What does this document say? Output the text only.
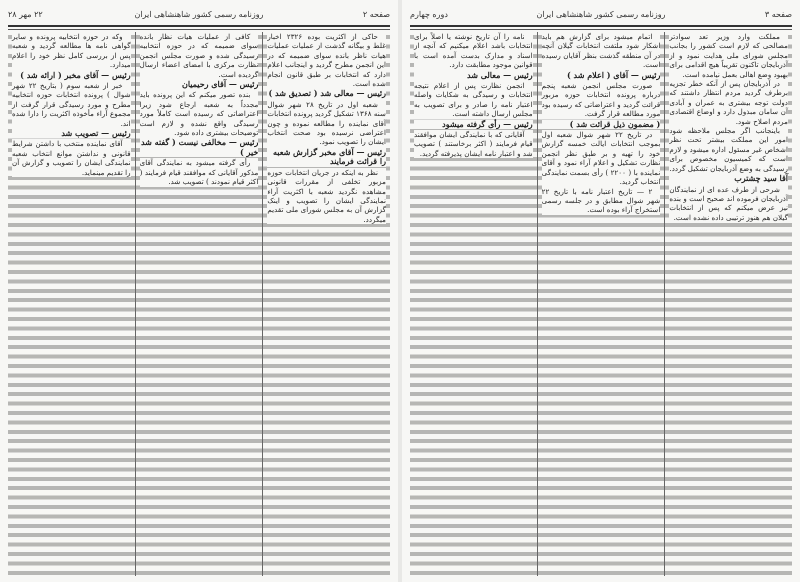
صفحه ۲
روزنامه رسمی کشور شاهنشاهی ایران
۲۲ مهر ۲۸

حاکی از اکثریت بوده ۲۳۲۶ اخبار غلط و بیگانه گذشت از عملیات عملیات هیات ناظر بانده سوای ضمیمه که در این انجمن مطرح گردید و اینجانب اعلام دارد که انتخابات بر طبق قانون انجام شده است.

رئیس — معالی شد ( تصدیق شد )

شعبه اول در تاریخ ۲۸ شهر شوال سنه ۱۳۶۸ تشکیل گردید پرونده انتخابات آقای نماینده را مطالعه نموده و چون اعتراضی نرسیده بود صحت انتخاب ایشان را تصویب نمود.

رئیس — آقای مخبر گزارش شعبه را قرائت فرمایند

نظر به اینکه در جریان انتخابات حوزه مزبور تخلفی از مقررات قانونی مشاهده نگردید شعبه با اکثریت آراء نمایندگی ایشان را تصویب و اینک گزارش آن به مجلس شورای ملی تقدیم میگردد.

کافی از عملیات هیات نظار بانده سوای ضمیمه که در حوزه انتخابیه رسیدگی شده و صورت مجلس انجمن نظارت مرکزی با امضای اعضاء ارسال گردیده است.

رئیس — آقای رحیمیان

بنده تصور میکنم که این پرونده باید مجدداً به شعبه ارجاع شود زیرا اعتراضاتی که رسیده است کاملاً مورد رسیدگی واقع نشده و لازم است توضیحات بیشتری داده شود.

رئیس — مخالفی نیست ( گفته شد خیر )

رأی گرفته میشود به نمایندگی آقای مذکور آقایانی که موافقند قیام فرمایند ( اکثر قیام نمودند ) تصویب شد.

وکه در حوزه انتخابیه پرونده و سایر گواهی نامه ها مطالعه گردید و شعبه پس از بررسی کامل نظر خود را اعلام میدارد.

رئیس — آقای مخبر ( ارائه شد )

خبر از شعبه سوم ( بتاریخ ۲۲ شهر شوال ) پرونده انتخابات حوزه انتخابیه مطرح و مورد رسیدگی قرار گرفت از مجموع آراء مأخوذه اکثریت را دارا شده اند.

رئیس — تصویب شد

آقای نماینده منتخب با داشتن شرایط قانونی و نداشتن موانع انتخاب شعبه نمایندگی ایشان را تصویب و گزارش آن را تقدیم مینماید.

صفحه ۳
روزنامه رسمی کشور شاهنشاهی ایران
دوره چهارم

مملکت وارد وزیر تعد سوادتر مصالحی که لازم است کشور را بجانب مجلس شورای ملی هدایت نمود و از آذربایجان تاکنون تقریباً هیچ اقدامی برای بهبود وضع اهالی بعمل نیامده است.

در آذربایجان پس از آنکه خطر تجزیه برطرف گردید مردم انتظار داشتند که دولت توجه بیشتری به عمران و آبادی آن سامان مبذول دارد و اوضاع اقتصادی مردم اصلاح شود.

باینجانب اگر مجلس ملاحظه شود امور این مملکت بیشتر تحت نظر اشخاص غیر مسئول اداره میشود و لازم است که کمیسیون مخصوص برای رسیدگی به وضع آذربایجان تشکیل گردد.

آقا سید چشترب

شرحی از طرف عده ای از نمایندگان آذربایجان فرموده اند صحیح است و بنده نیز عرض میکنم که پس از انتخابات گیلان هم هنوز ترتیبی داده نشده است.

اتمام میشود برای گزارش هم باید اشکار شود ملتفت انتخابات گیلان آنچه در آن منطقه گذشت بنظر آقایان رسیده است.

رئیس — آقای ( اعلام شد )

صورت مجلس انجمن شعبه پنجم درباره پرونده انتخابات حوزه مزبور قرائت گردید و اعتراضاتی که رسیده بود مورد مطالعه قرار گرفت.

( مضمون ذیل قرائت شد )

در تاریخ ۲۲ شهر شوال شعبه اول بموجب انتخابات ایالت خمسه گزارش خود را تهیه و بر طبق نظر انجمن نظارت تشکیل و اعلام آراء نمود و آقای نماینده با ( ۲۲۰۰ ) رأی بسمت نمایندگی انتخاب گردید.

۲ — تاریخ اعتبار نامه با تاریخ ۲۲ شهر شوال مطابق و در جلسه رسمی استخراج آراء بوده است.

نامه را آن تاریخ نوشته یا اصلاً برای انتخابات باشد اعلام میکنیم که آنچه از اسناد و مدارک بدست آمده است با قوانین موجود مطابقت دارد.

رئیس — معالی شد

انجمن نظارت پس از اعلام نتیجه انتخابات و رسیدگی به شکایات واصله اعتبار نامه را صادر و برای تصویب به مجلس ارسال داشته است.

رئیس — رأی گرفته میشود

آقایانی که با نمایندگی ایشان موافقند قیام فرمایند ( اکثر برخاستند ) تصویب شد و اعتبار نامه ایشان پذیرفته گردید.
